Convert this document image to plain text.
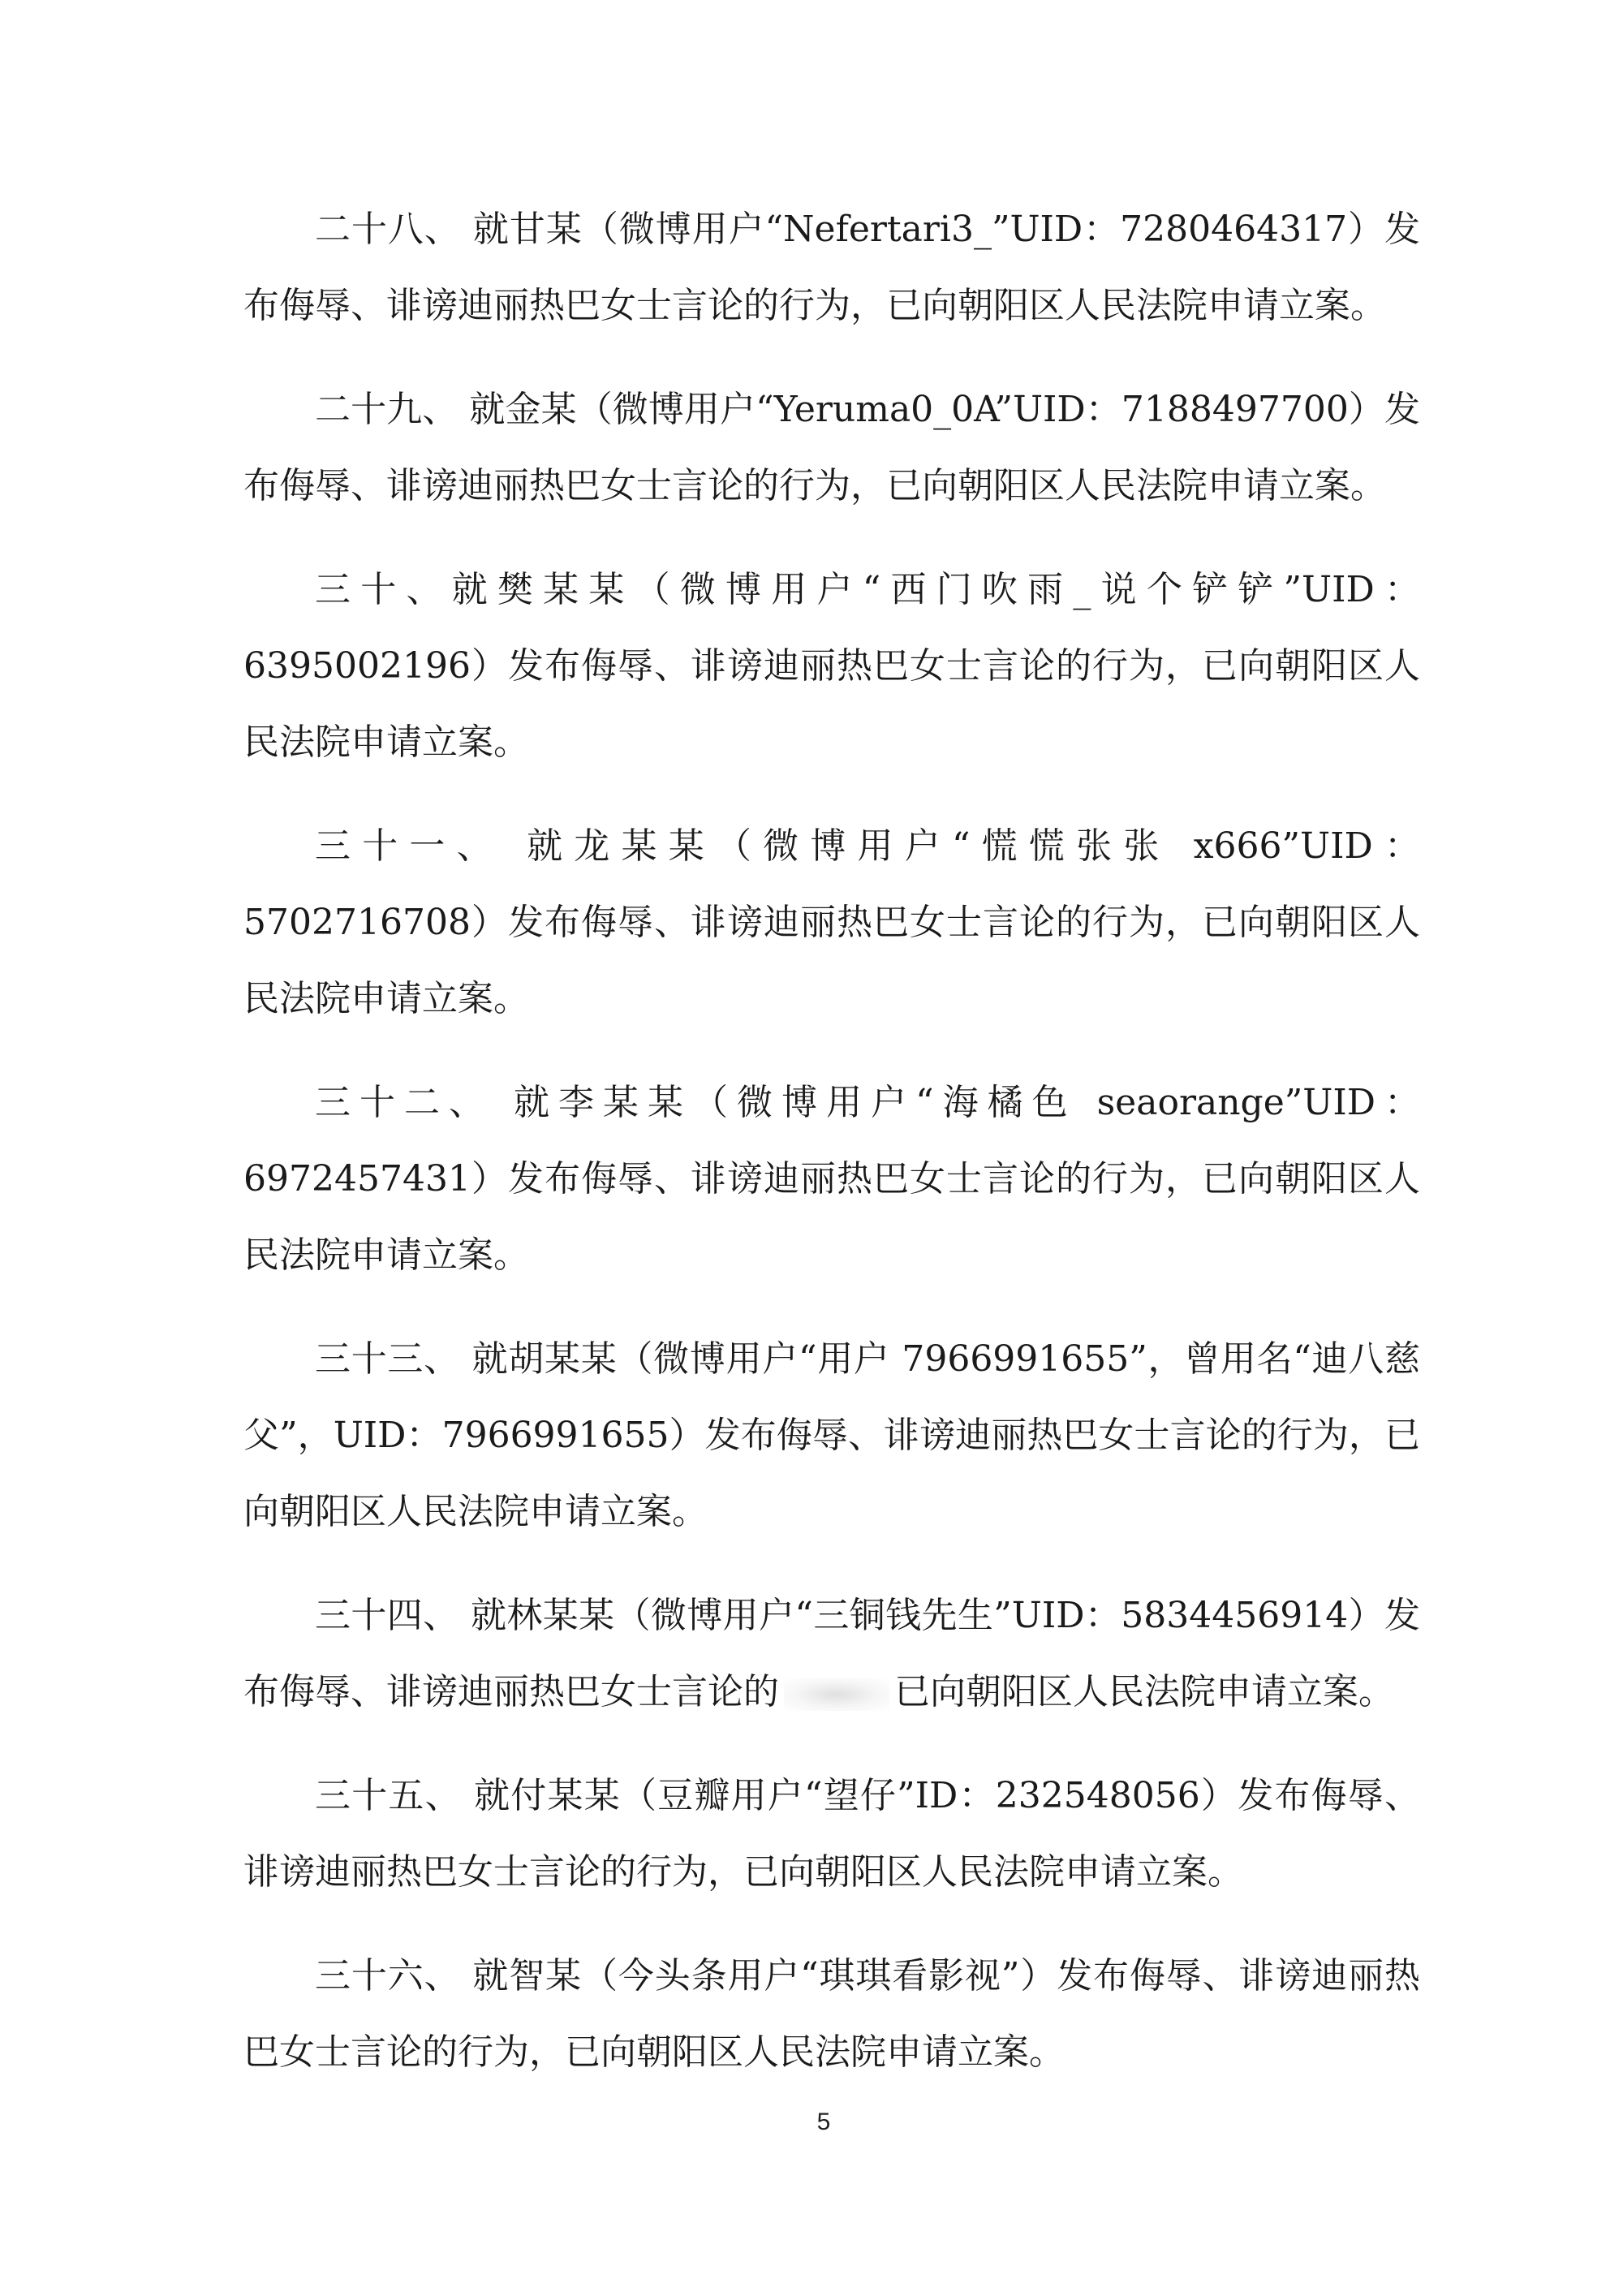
二十八、 就甘某（微博用户“Nefertari3_”UID：7280464317）发布侮辱、诽谤迪丽热巴女士言论的行为，已向朝阳区人民法院申请立案。

二十九、 就金某（微博用户“Yeruma0_0A”UID：7188497700）发布侮辱、诽谤迪丽热巴女士言论的行为，已向朝阳区人民法院申请立案。

三十、就樊某某（微博用户“西门吹雨_说个铲铲”UID：6395002196）发布侮辱、诽谤迪丽热巴女士言论的行为，已向朝阳区人民法院申请立案。

三十一、 就龙某某（微博用户“慌慌张张 x666”UID：5702716708）发布侮辱、诽谤迪丽热巴女士言论的行为，已向朝阳区人民法院申请立案。

三十二、 就李某某（微博用户“海橘色 seaorange”UID：6972457431）发布侮辱、诽谤迪丽热巴女士言论的行为，已向朝阳区人民法院申请立案。

三十三、 就胡某某（微博用户“用户 7966991655”，曾用名“迪八慈父”，UID：7966991655）发布侮辱、诽谤迪丽热巴女士言论的行为，已向朝阳区人民法院申请立案。

三十四、 就林某某（微博用户“三铜钱先生”UID：5834456914）发布侮辱、诽谤迪丽热巴女士言论的	已向朝阳区人民法院申请立案。

三十五、 就付某某（豆瓣用户“望仔”ID：232548056）发布侮辱、诽谤迪丽热巴女士言论的行为，已向朝阳区人民法院申请立案。

三十六、 就智某（今头条用户“琪琪看影视”）发布侮辱、诽谤迪丽热巴女士言论的行为，已向朝阳区人民法院申请立案。

5
